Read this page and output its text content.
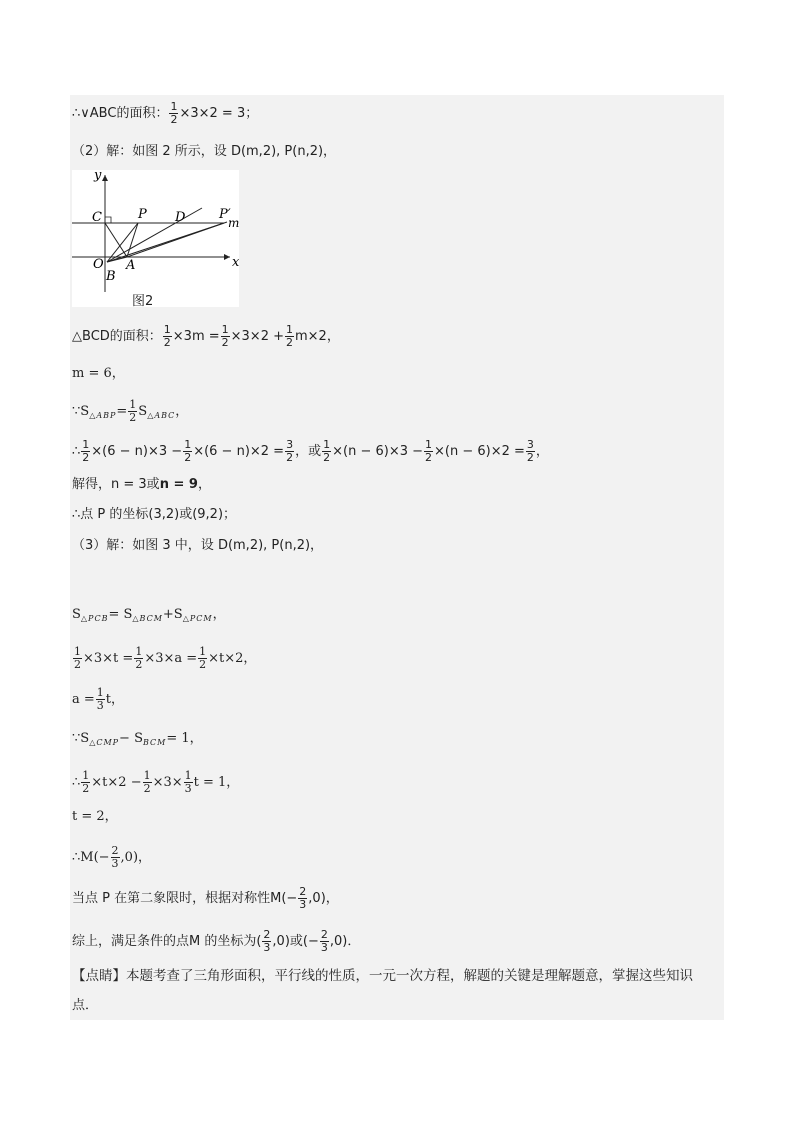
∴∨ABC的面积： $\frac{1}{2} \times 3\times 2 = 3$；
（2）解：如图 2 所示，设 D(m,2), P(n,2)，
y
x
C	P D	P′
m
O
B
A
图2
△BCD的面积： $\frac{1}{2} \times 3m = \frac{1}{2} \times 3\times 2 + \frac{1}{2} m\times 2$，
m = 6，
∵S △ABP = $\frac{1}{2}$ S △ABC ，
∴ $\frac{1}{2} \times(6 - n)\times 3 - \frac{1}{2} \times(6 - n)\times 2 = \frac{3}{2}$ ，或 $\frac{1}{2} \times(n - 6)\times 3 - \frac{1}{2} \times(n - 6)\times 2 = \frac{3}{2}$ ，
解得， n = 3或 n = 9 ，
∴点 P 的坐标(3,2)或(9,2)；
（3）解：如图 3 中，设 D(m,2), P(n,2)，
S △PCB = S △BCM +S △PCM ，
$\frac{1}{2} \times 3\times t = \frac{1}{2} \times 3\times a = \frac{1}{2} \times t\times 2$，
$a = \frac{1}{3}$ t，
∵S △CMP − S BCM = 1，
∴ $\frac{1}{2} \times t\times 2 - \frac{1}{2} \times 3\times \frac{1}{3}$ t = 1，
t = 2，
∴M(− $\frac{2}{3} ,0$)，
当点 P 在第二象限时，根据对称性$M(- \frac{2}{3} ,0)$，
综上，满足条件的点M 的坐标为( $\frac{2}{3} ,0$)或(− $\frac{2}{3} ,0$)．
【点睛】本题考查了三角形面积，平行线的性质，一元一次方程，解题的关键是理解题意，掌握这些知识
点．
